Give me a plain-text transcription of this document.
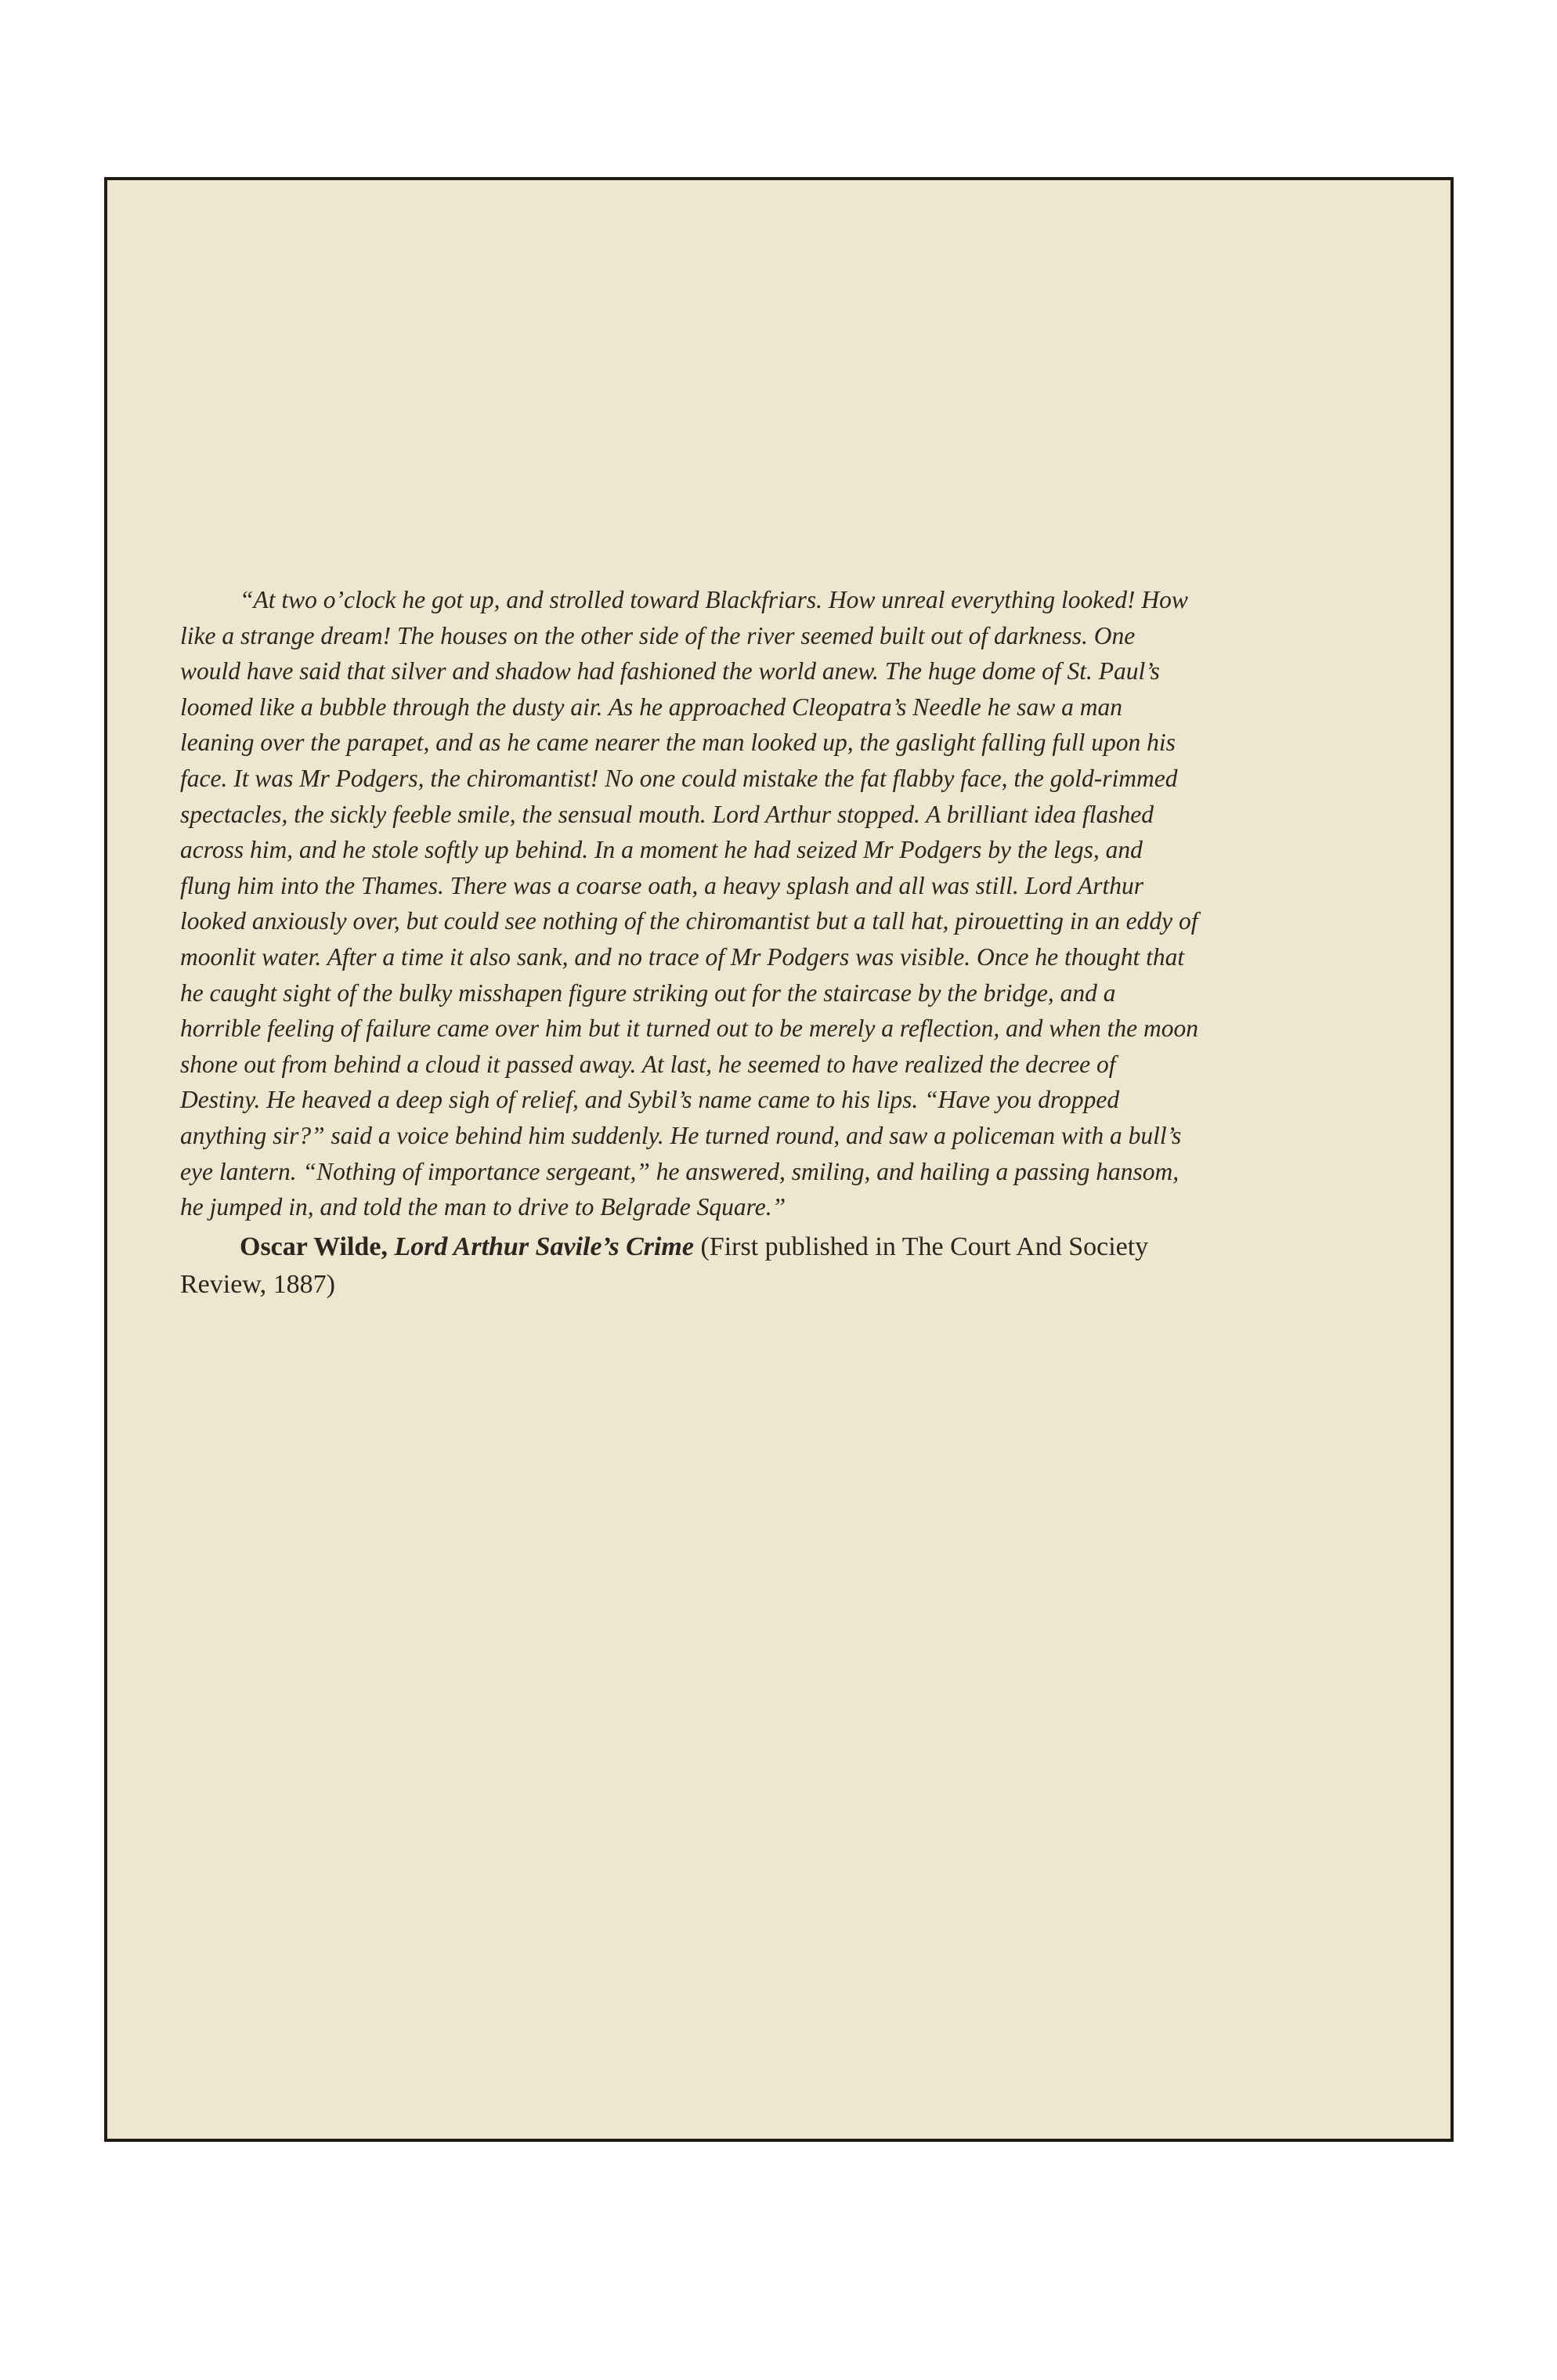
“At two o’clock he got up, and strolled toward Blackfriars. How unreal everything looked! How like a strange dream! The houses on the other side of the river seemed built out of darkness. One would have said that silver and shadow had fashioned the world anew. The huge dome of St. Paul’s loomed like a bubble through the dusty air. As he approached Cleopatra’s Needle he saw a man leaning over the parapet, and as he came nearer the man looked up, the gaslight falling full upon his face. It was Mr Podgers, the chiromantist! No one could mistake the fat flabby face, the gold-rimmed spectacles, the sickly feeble smile, the sensual mouth. Lord Arthur stopped. A brilliant idea flashed across him, and he stole softly up behind. In a moment he had seized Mr Podgers by the legs, and flung him into the Thames. There was a coarse oath, a heavy splash and all was still. Lord Arthur looked anxiously over, but could see nothing of the chiromantist but a tall hat, pirouetting in an eddy of moonlit water. After a time it also sank, and no trace of Mr Podgers was visible. Once he thought that he caught sight of the bulky misshapen figure striking out for the staircase by the bridge, and a horrible feeling of failure came over him but it turned out to be merely a reflection, and when the moon shone out from behind a cloud it passed away. At last, he seemed to have realized the decree of Destiny. He heaved a deep sigh of relief, and Sybil’s name came to his lips. “Have you dropped anything sir?” said a voice behind him suddenly. He turned round, and saw a policeman with a bull’s eye lantern. “Nothing of importance sergeant,” he answered, smiling, and hailing a passing hansom, he jumped in, and told the man to drive to Belgrade Square.”

Oscar Wilde, Lord Arthur Savile’s Crime (First published in The Court And Society Review, 1887)
